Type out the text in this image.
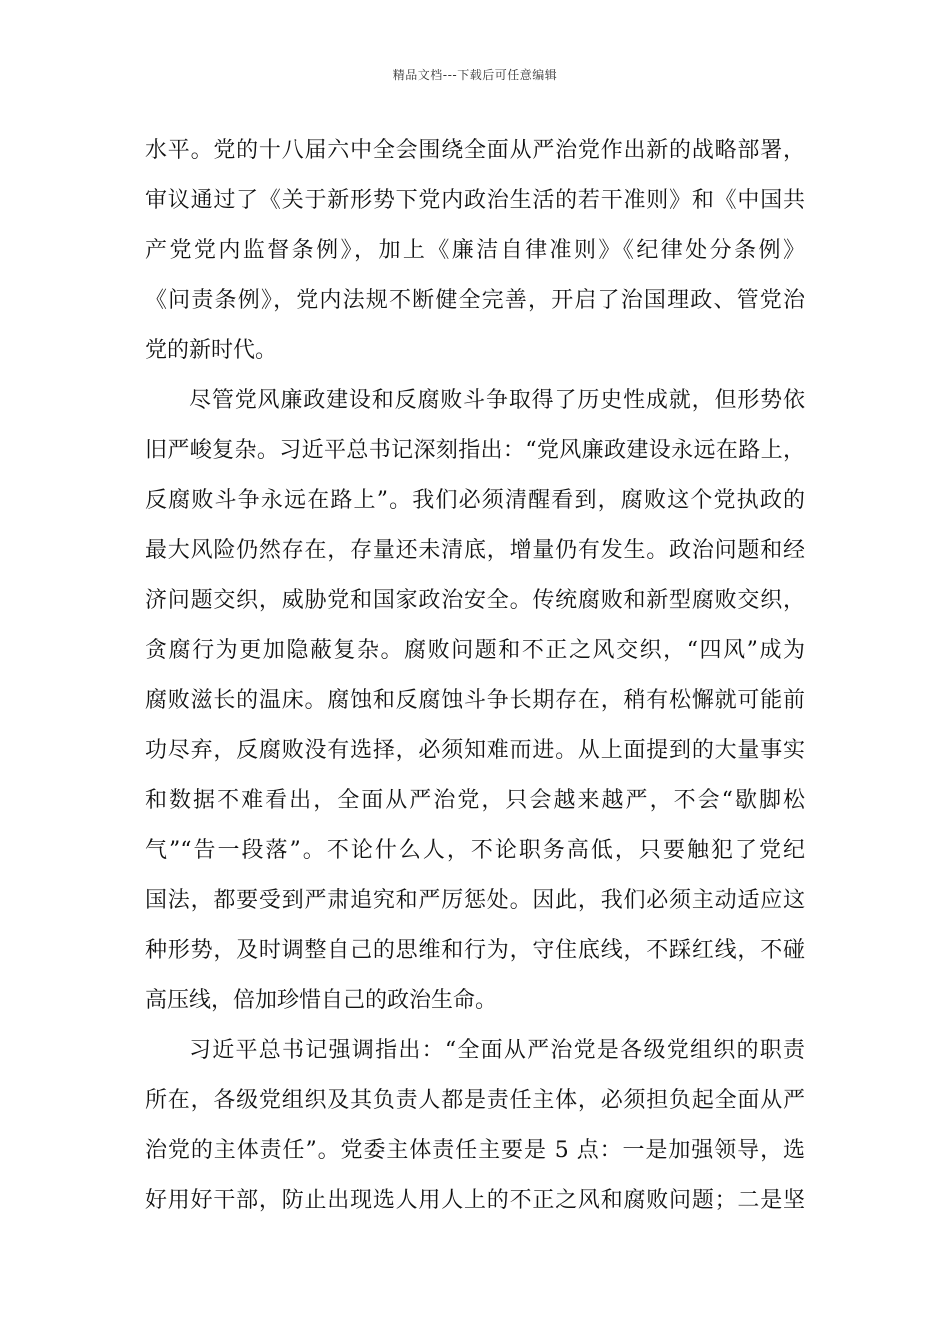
精品文档---下载后可任意编辑
水平。党的十八届六中全会围绕全面从严治党作出新的战略部署，
审议通过了《关于新形势下党内政治生活的若干准则》和《中国共
产党党内监督条例》，加上《廉洁自律准则》《纪律处分条例》
《问责条例》，党内法规不断健全完善，开启了治国理政、管党治
党的新时代。
尽管党风廉政建设和反腐败斗争取得了历史性成就，但形势依
旧严峻复杂。习近平总书记深刻指出：“党风廉政建设永远在路上，
反腐败斗争永远在路上”。我们必须清醒看到，腐败这个党执政的
最大风险仍然存在，存量还未清底，增量仍有发生。政治问题和经
济问题交织，威胁党和国家政治安全。传统腐败和新型腐败交织，
贪腐行为更加隐蔽复杂。腐败问题和不正之风交织，“四风”成为
腐败滋长的温床。腐蚀和反腐蚀斗争长期存在，稍有松懈就可能前
功尽弃，反腐败没有选择，必须知难而进。从上面提到的大量事实
和数据不难看出，全面从严治党，只会越来越严，不会“歇脚松
气”“告一段落”。不论什么人，不论职务高低，只要触犯了党纪
国法，都要受到严肃追究和严厉惩处。因此，我们必须主动适应这
种形势，及时调整自己的思维和行为，守住底线，不踩红线，不碰
高压线，倍加珍惜自己的政治生命。
习近平总书记强调指出：“全面从严治党是各级党组织的职责
所在，各级党组织及其负责人都是责任主体，必须担负起全面从严
治党的主体责任”。党委主体责任主要是 5 点：一是加强领导，选
好用好干部，防止出现选人用人上的不正之风和腐败问题；二是坚
